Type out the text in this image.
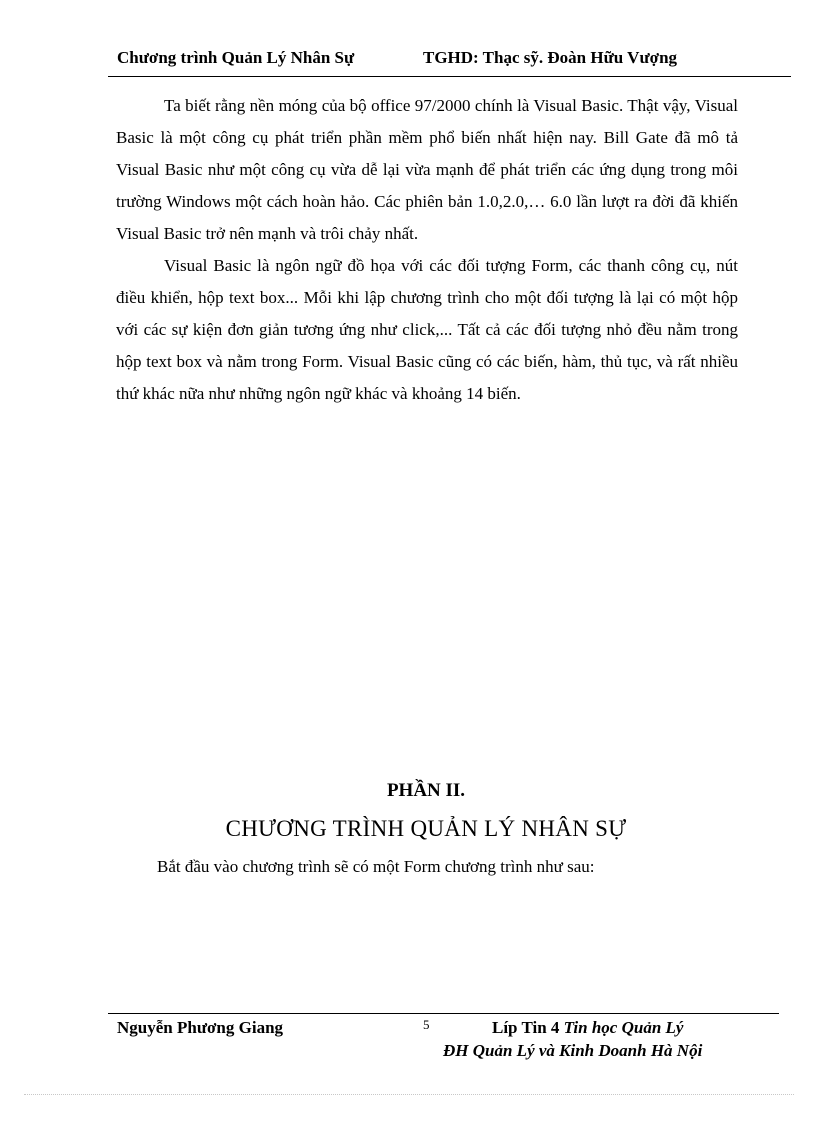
Chương trình Quản Lý Nhân Sự	TGHD: Thạc sỹ. Đoàn Hữu Vượng

Ta biết rằng nền móng của bộ office 97/2000 chính là Visual Basic. Thật vậy, Visual Basic là một công cụ phát triển phần mềm phổ biến nhất hiện nay. Bill Gate đã mô tả Visual Basic như một công cụ vừa dễ lại vừa mạnh để phát triển các ứng dụng trong môi trường Windows một cách hoàn hảo. Các phiên bản 1.0,2.0,… 6.0 lần lượt ra đời đã khiến Visual Basic trở nên mạnh và trôi chảy nhất.

Visual Basic là ngôn ngữ đồ họa với các đối tượng Form, các thanh công cụ, nút điều khiển, hộp text box... Mỗi khi lập chương trình cho một đối tượng là lại có một hộp với các sự kiện đơn giản tương ứng như click,... Tất cả các đối tượng nhỏ đều nằm trong hộp text box và nằm trong Form. Visual Basic cũng có các biến, hàm, thủ tục, và rất nhiều thứ khác nữa như những ngôn ngữ khác và khoảng 14 biến.

PHẦN II.
CHƯƠNG TRÌNH QUẢN LÝ NHÂN SỰ
Bắt đầu vào chương trình sẽ có một Form chương trình như sau:
Nguyễn Phương Giang	5	Líp Tin 4 Tin học Quản Lý
ĐH Quản Lý và Kinh Doanh Hà Nội
